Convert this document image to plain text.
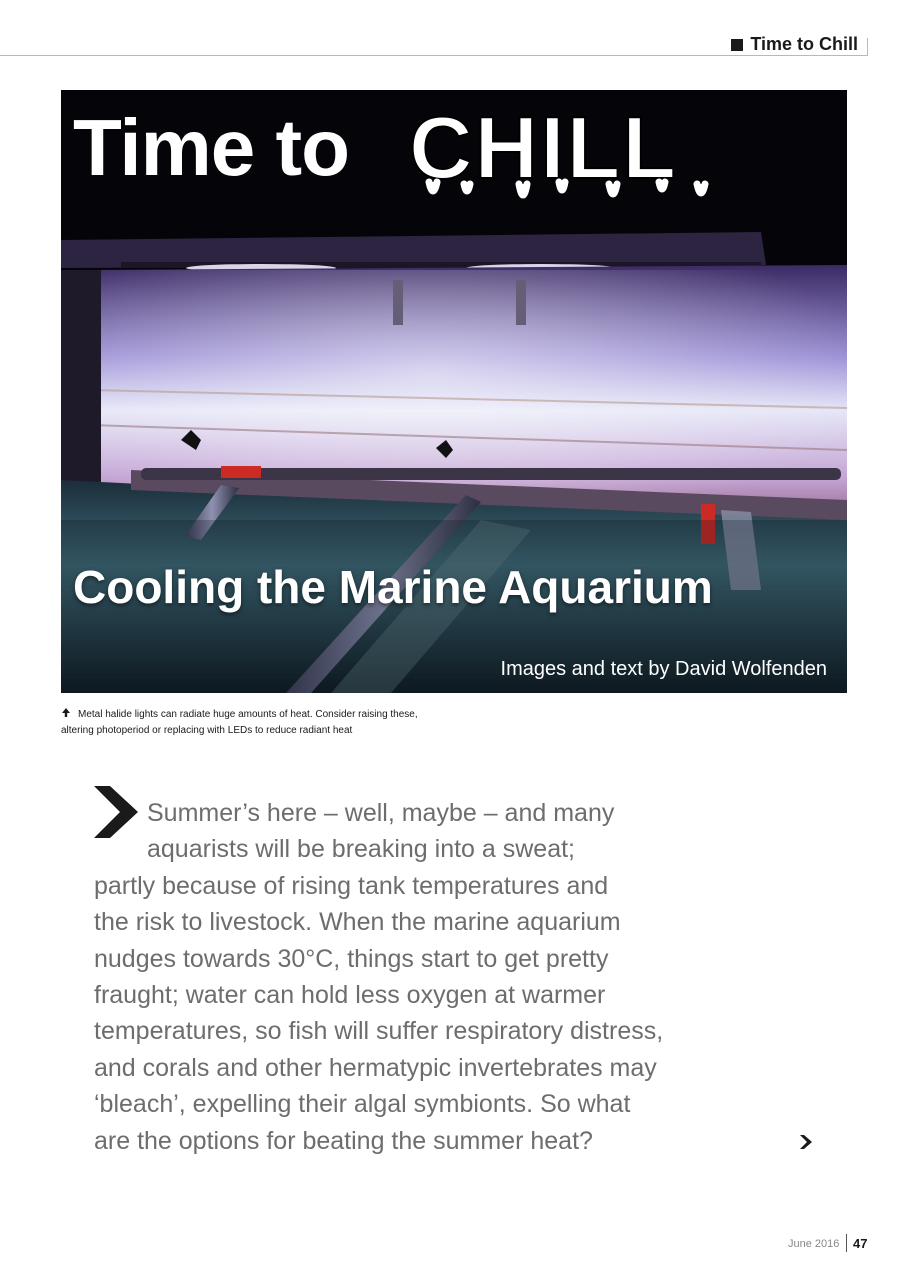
Time to Chill
Time to CHILL
Cooling the Marine Aquarium
Images and text by David Wolfenden
Metal halide lights can radiate huge amounts of heat. Consider raising these, altering photoperiod or replacing with LEDs to reduce radiant heat
Summer’s here – well, maybe – and many
aquarists will be breaking into a sweat;
partly because of rising tank temperatures and
the risk to livestock. When the marine aquarium
nudges towards 30°C, things start to get pretty
fraught; water can hold less oxygen at warmer
temperatures, so fish will suffer respiratory distress,
and corals and other hermatypic invertebrates may
‘bleach’, expelling their algal symbionts. So what
are the options for beating the summer heat?
June 2016 47
